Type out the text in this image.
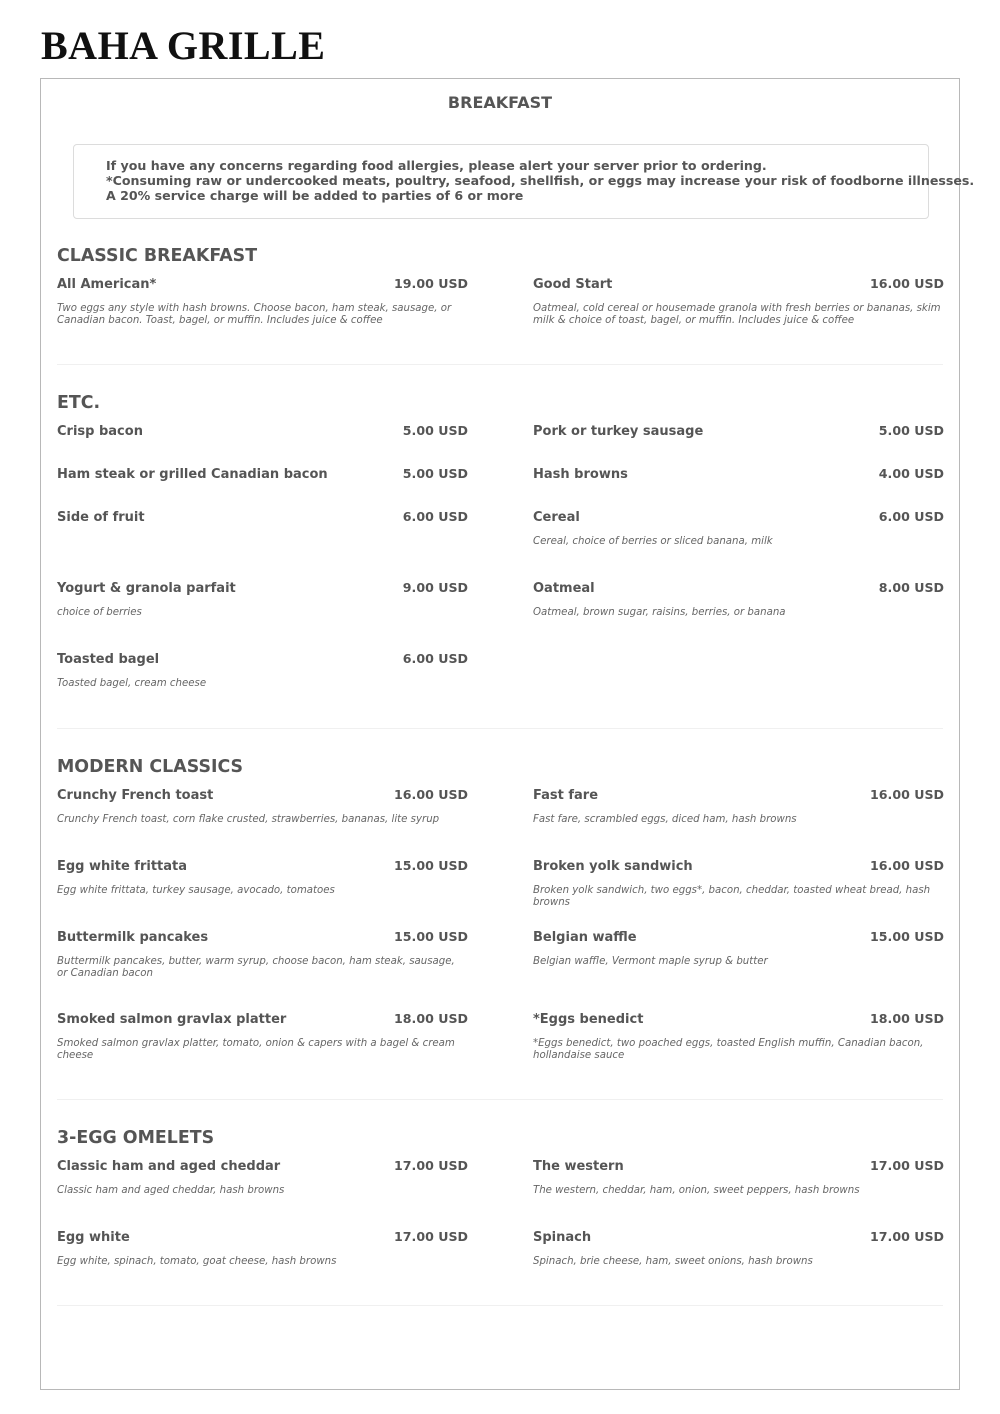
BAHA GRILLE
BREAKFAST
If you have any concerns regarding food allergies, please alert your server prior to ordering.
*Consuming raw or undercooked meats, poultry, seafood, shellfish, or eggs may increase your risk of foodborne illnesses.
A 20% service charge will be added to parties of 6 or more
CLASSIC BREAKFAST
All American*	19.00 USD
Two eggs any style with hash browns. Choose bacon, ham steak, sausage, or Canadian bacon. Toast, bagel, or muffin. Includes juice & coffee
Good Start	16.00 USD
Oatmeal, cold cereal or housemade granola with fresh berries or bananas, skim milk & choice of toast, bagel, or muffin. Includes juice & coffee
ETC.
Crisp bacon	5.00 USD	Pork or turkey sausage	5.00 USD
Ham steak or grilled Canadian bacon	5.00 USD	Hash browns	4.00 USD
Side of fruit	6.00 USD	Cereal	6.00 USD
Cereal, choice of berries or sliced banana, milk
Yogurt & granola parfait	9.00 USD
choice of berries
Oatmeal	8.00 USD
Oatmeal, brown sugar, raisins, berries, or banana
Toasted bagel	6.00 USD
Toasted bagel, cream cheese
MODERN CLASSICS
Crunchy French toast	16.00 USD
Crunchy French toast, corn flake crusted, strawberries, bananas, lite syrup
Fast fare	16.00 USD
Fast fare, scrambled eggs, diced ham, hash browns
Egg white frittata	15.00 USD
Egg white frittata, turkey sausage, avocado, tomatoes
Broken yolk sandwich	16.00 USD
Broken yolk sandwich, two eggs*, bacon, cheddar, toasted wheat bread, hash browns
Buttermilk pancakes	15.00 USD
Buttermilk pancakes, butter, warm syrup, choose bacon, ham steak, sausage, or Canadian bacon
Belgian waffle	15.00 USD
Belgian waffle, Vermont maple syrup & butter
Smoked salmon gravlax platter	18.00 USD
Smoked salmon gravlax platter, tomato, onion & capers with a bagel & cream cheese
*Eggs benedict	18.00 USD
*Eggs benedict, two poached eggs, toasted English muffin, Canadian bacon, hollandaise sauce
3-EGG OMELETS
Classic ham and aged cheddar	17.00 USD
Classic ham and aged cheddar, hash browns
The western	17.00 USD
The western, cheddar, ham, onion, sweet peppers, hash browns
Egg white	17.00 USD
Egg white, spinach, tomato, goat cheese, hash browns
Spinach	17.00 USD
Spinach, brie cheese, ham, sweet onions, hash browns
